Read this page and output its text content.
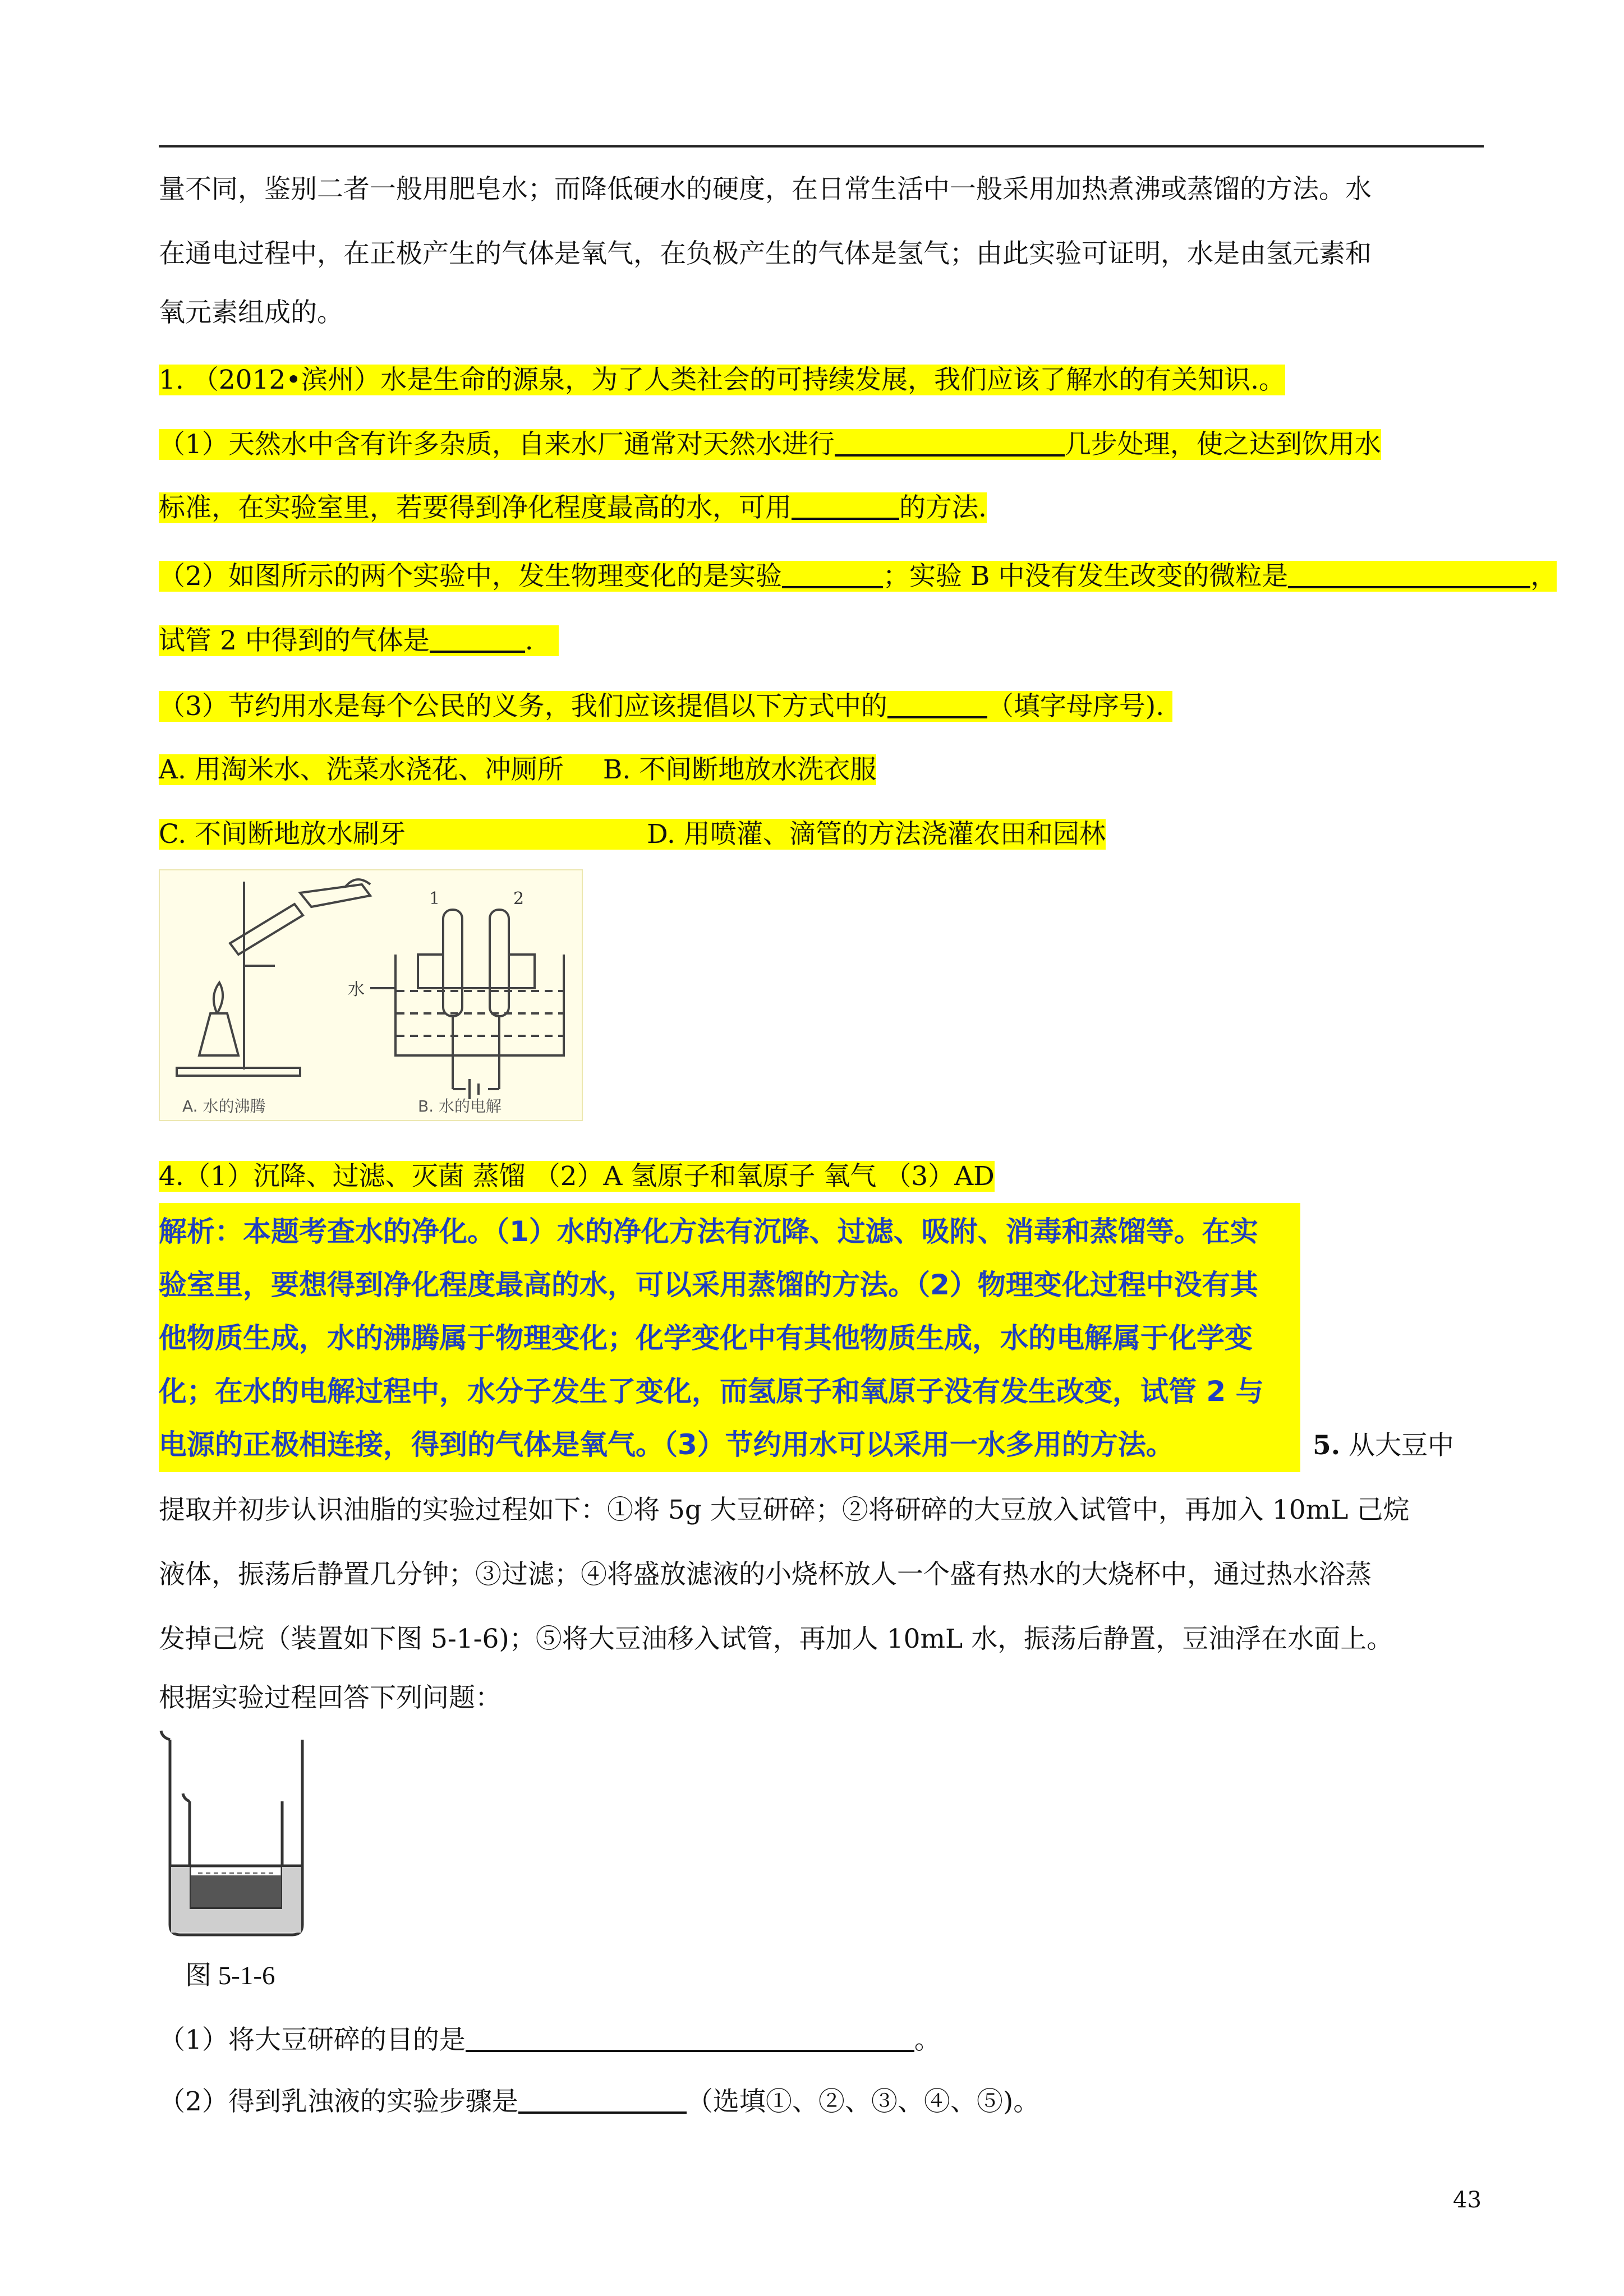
量不同，鉴别二者一般用肥皂水；而降低硬水的硬度，在日常生活中一般采用加热煮沸或蒸馏的方法。水
在通电过程中，在正极产生的气体是氧气，在负极产生的气体是氢气；由此实验可证明，水是由氢元素和
氧元素组成的。
1. （2012•滨州）水是生命的源泉，为了人类社会的可持续发展，我们应该了解水的有关知识.。
（1）天然水中含有许多杂质，自来水厂通常对天然水进行	几步处理，使之达到饮用水
标准，在实验室里，若要得到净化程度最高的水，可用	的方法.
（2）如图所示的两个实验中，发生物理变化的是实验	；实验 B 中没有发生改变的微粒是	，
试管 2 中得到的气体是	.
（3）节约用水是每个公民的义务，我们应该提倡以下方式中的	（填字母序号).
A. 用淘米水、洗菜水浇花、冲厕所 B. 不间断地放水洗衣服
C. 不间断地放水刷牙	D. 用喷灌、滴管的方法浇灌农田和园林
水
1	2
A. 水的沸腾	B. 水的电解
4.（1）沉降、过滤、灭菌 蒸馏 （2）A 氢原子和氧原子 氧气 （3）AD
解析：本题考查水的净化。（1）水的净化方法有沉降、过滤、吸附、消毒和蒸馏等。在实
验室里，要想得到净化程度最高的水，可以采用蒸馏的方法。（2）物理变化过程中没有其
他物质生成，水的沸腾属于物理变化；化学变化中有其他物质生成，水的电解属于化学变
化；在水的电解过程中，水分子发生了变化，而氢原子和氧原子没有发生改变，试管 2 与
电源的正极相连接，得到的气体是氧气。（3）节约用水可以采用一水多用的方法。	5. 从大豆中
提取并初步认识油脂的实验过程如下：①将 5g 大豆研碎；②将研碎的大豆放入试管中，再加入 10mL 己烷
液体，振荡后静置几分钟；③过滤；④将盛放滤液的小烧杯放人一个盛有热水的大烧杯中，通过热水浴蒸
发掉己烷（装置如下图 5-1-6)；⑤将大豆油移入试管，再加人 10mL 水，振荡后静置，豆油浮在水面上。
根据实验过程回答下列问题：
图 5-1-6
（1）将大豆研碎的目的是	。
（2）得到乳浊液的实验步骤是	（选填①、②、③、④、⑤)。
43
